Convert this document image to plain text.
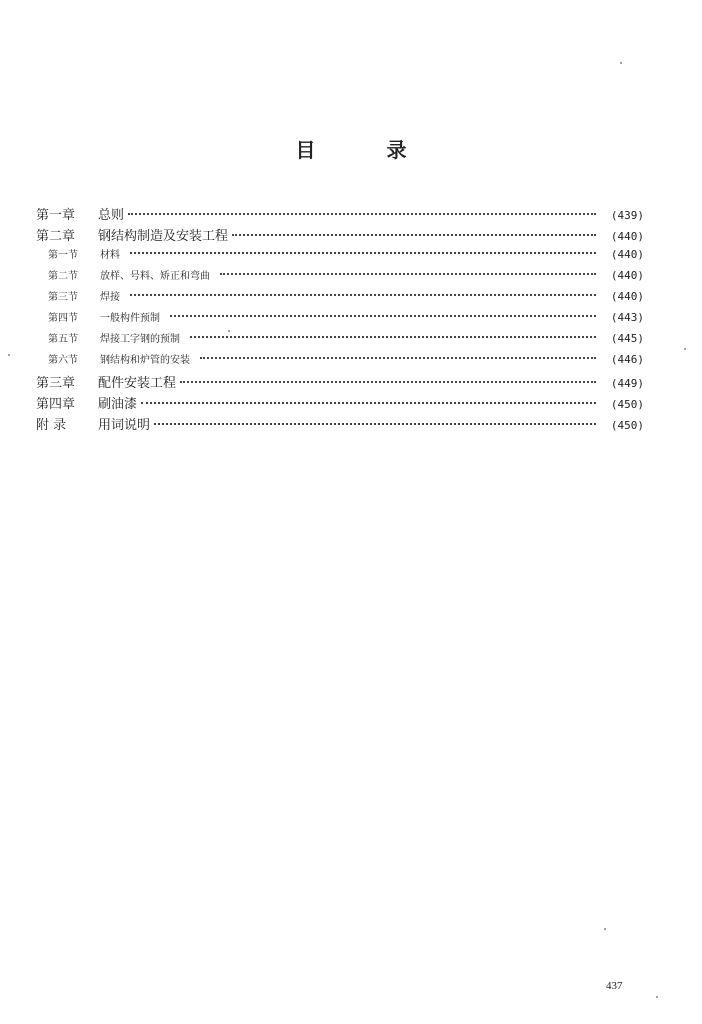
目 录
第一章	总则	(439)
第二章	钢结构制造及安装工程	(440)
第一节	材料	(440)
第二节	放样、号料、矫正和弯曲	(440)
第三节	焊接	(440)
第四节	一般构件预制	(443)
第五节	焊接工字钢的预制	(445)
第六节	钢结构和炉管的安装	(446)
第三章	配件安装工程	(449)
第四章	刷油漆	(450)
附 录	用词说明	(450)
437
